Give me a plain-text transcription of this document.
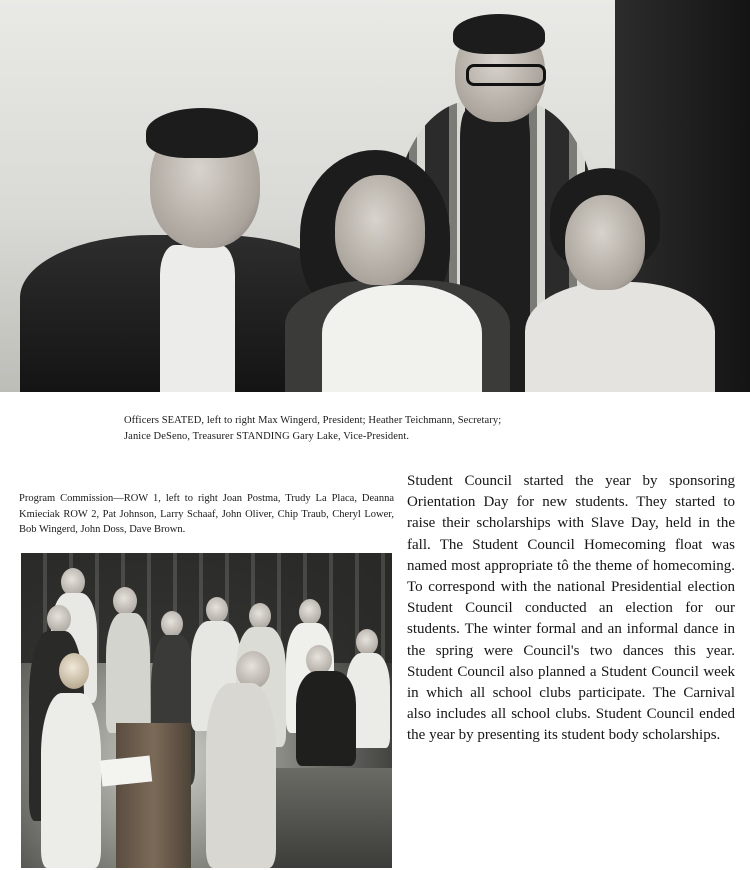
Officers SEATED, left to right Max Wingerd, President; Heather Teichmann, Secretary;
Janice DeSeno, Treasurer STANDING Gary Lake, Vice-President.
Program Commission—ROW 1, left to right Joan Postma, Trudy La Placa, Deanna Kmieciak ROW 2, Pat Johnson, Larry Schaaf, John Oliver, Chip Traub, Cheryl Lower, Bob Wingerd, John Doss, Dave Brown.
Student Council started the year by sponsoring Orientation Day for new students. They started to raise their scholarships with Slave Day, held in the fall. The Student Council Homecoming float was named most appropriate tô the theme of homecoming. To correspond with the national Presidential election Student Council conducted an election for our students. The winter formal and an informal dance in the spring were Council's two dances this year. Student Council also planned a Student Council week in which all school clubs participate. The Carnival also includes all school clubs. Student Council ended the year by presenting its student body scholarships.
